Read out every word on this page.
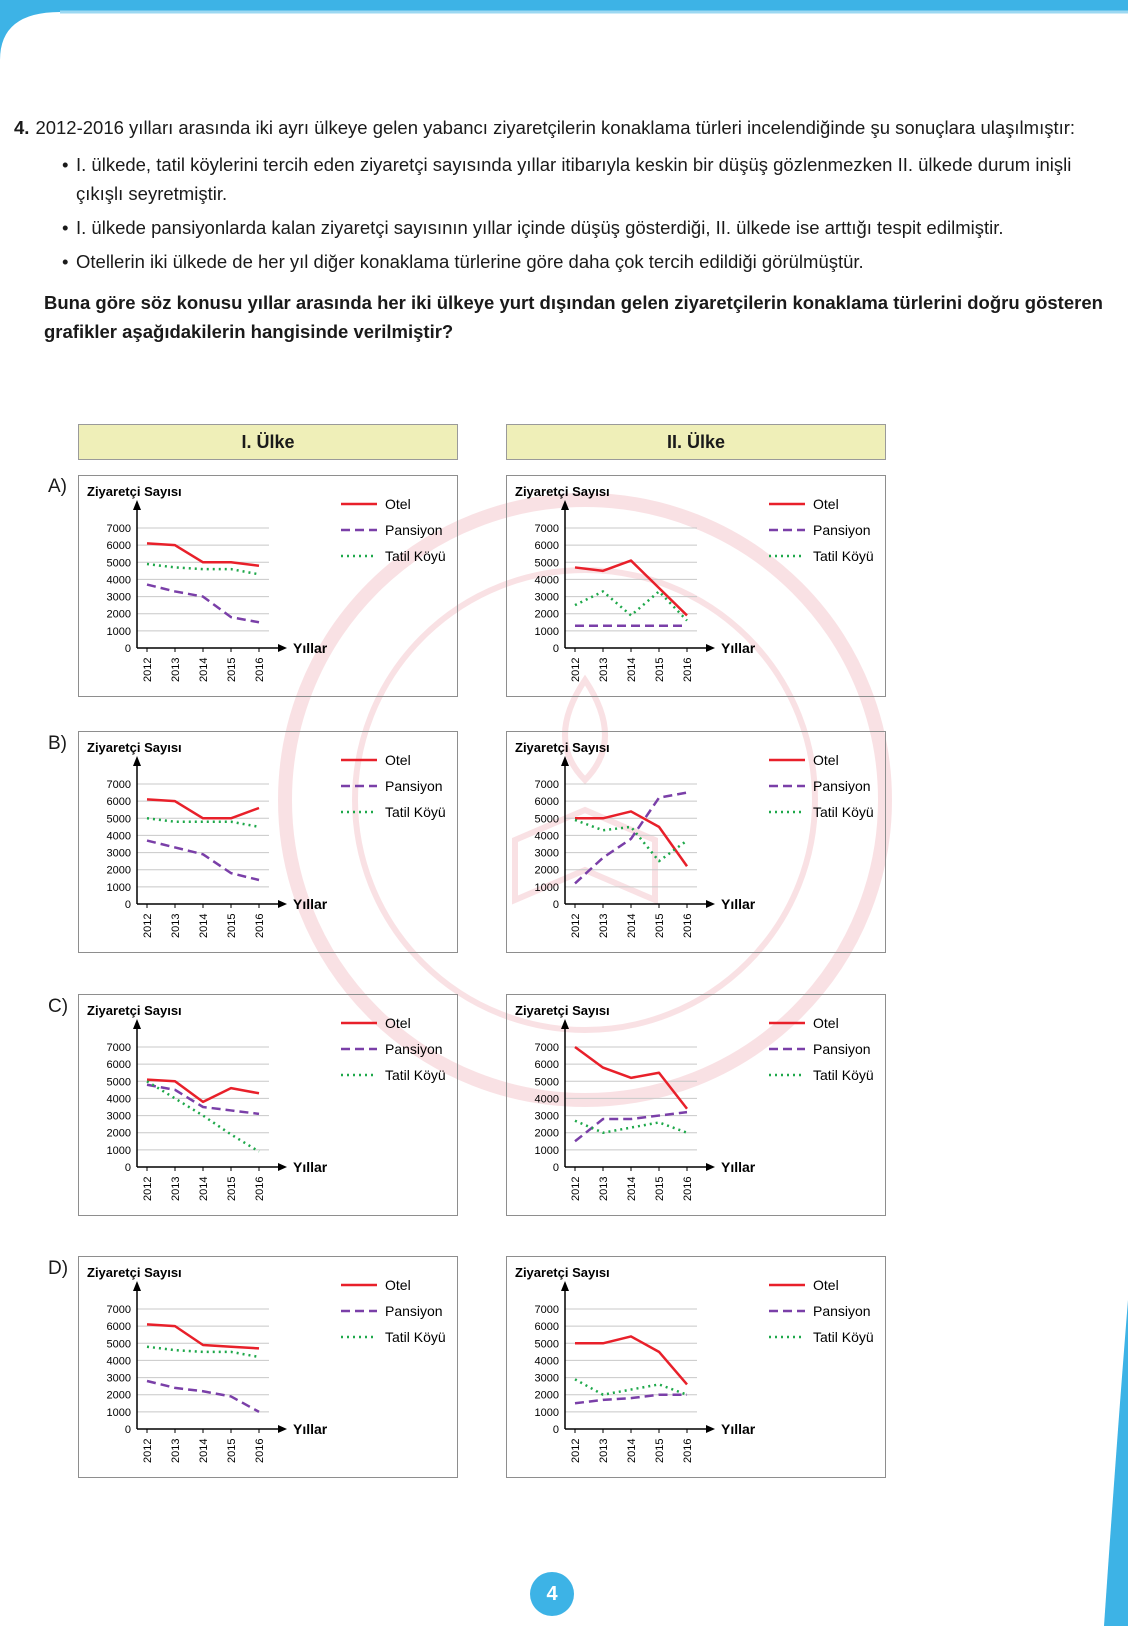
4. 2012-2016 yılları arasında iki ayrı ülkeye gelen yabancı ziyaretçilerin konaklama türleri incelendiğinde şu sonuçlara ulaşılmıştır:
• I. ülkede, tatil köylerini tercih eden ziyaretçi sayısında yıllar itibarıyla keskin bir düşüş gözlenmezken II. ülkede durum inişli çıkışlı seyretmiştir.
• I. ülkede pansiyonlarda kalan ziyaretçi sayısının yıllar içinde düşüş gösterdiği, II. ülkede ise arttığı tespit edilmiştir.
• Otellerin iki ülkede de her yıl diğer konaklama türlerine göre daha çok tercih edildiği görülmüştür.
Buna göre söz konusu yıllar arasında her iki ülkeye yurt dışından gelen ziyaretçilerin konaklama türlerini doğru gösteren grafikler aşağıdakilerin hangisinde verilmiştir?
I. Ülke	II. Ülke
A)
B)
C)
D)
Ziyaretçi Sayısı
0
1000
2000
3000
4000
5000
6000
7000
Yıllar
2012 2013 2014 2015 2016
Otel
Pansiyon
Tatil Köyü
Ziyaretçi Sayısı
0
1000
2000
3000
4000
5000
6000
7000
Yıllar
2012 2013 2014 2015 2016
Otel
Pansiyon
Tatil Köyü
Ziyaretçi Sayısı
0
1000
2000
3000
4000
5000
6000
7000
Yıllar
2012 2013 2014 2015 2016
Otel
Pansiyon
Tatil Köyü
Ziyaretçi Sayısı
0
1000
2000
3000
4000
5000
6000
7000
Yıllar
2012 2013 2014 2015 2016
Otel
Pansiyon
Tatil Köyü
Ziyaretçi Sayısı
0
1000
2000
3000
4000
5000
6000
7000
Yıllar
2012 2013 2014 2015 2016
Otel
Pansiyon
Tatil Köyü
Ziyaretçi Sayısı
0
1000
2000
3000
4000
5000
6000
7000
Yıllar
2012 2013 2014 2015 2016
Otel
Pansiyon
Tatil Köyü
Ziyaretçi Sayısı
0
1000
2000
3000
4000
5000
6000
7000
Yıllar
2012 2013 2014 2015 2016
Otel
Pansiyon
Tatil Köyü
Ziyaretçi Sayısı
0
1000
2000
3000
4000
5000
6000
7000
Yıllar
2012 2013 2014 2015 2016
Otel
Pansiyon
Tatil Köyü
4
